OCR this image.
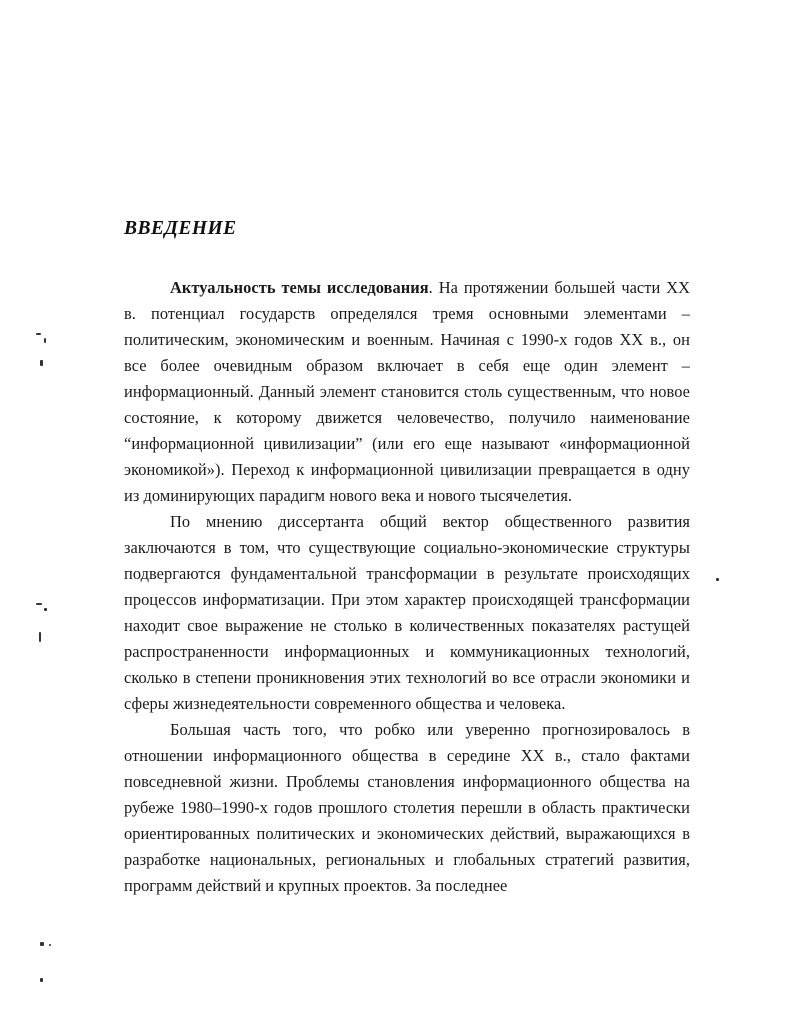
ВВЕДЕНИЕ

Актуальность темы исследования. На протяжении большей части XX в. потенциал государств определялся тремя основными элементами – политическим, экономическим и военным. Начиная с 1990-х годов XX в., он все более очевидным образом включает в себя еще один элемент – информационный. Данный элемент становится столь существенным, что новое состояние, к которому движется человечество, получило наименование “информационной цивилизации” (или его еще называют «информационной экономикой»). Переход к информационной цивилизации превращается в одну из доминирующих парадигм нового века и нового тысячелетия.

По мнению диссертанта общий вектор общественного развития заключаются в том, что существующие социально-экономические структуры подвергаются фундаментальной трансформации в результате происходящих процессов информатизации. При этом характер происходящей трансформации находит свое выражение не столько в количественных показателях растущей распространенности информационных и коммуникационных технологий, сколько в степени проникновения этих технологий во все отрасли экономики и сферы жизнедеятельности современного общества и человека.

Большая часть того, что робко или уверенно прогнозировалось в отношении информационного общества в середине XX в., стало фактами повседневной жизни. Проблемы становления информационного общества на рубеже 1980–1990-х годов прошлого столетия перешли в область практически ориентированных политических и экономических действий, выражающихся в разработке национальных, региональных и глобальных стратегий развития, программ действий и крупных проектов. За последнее
